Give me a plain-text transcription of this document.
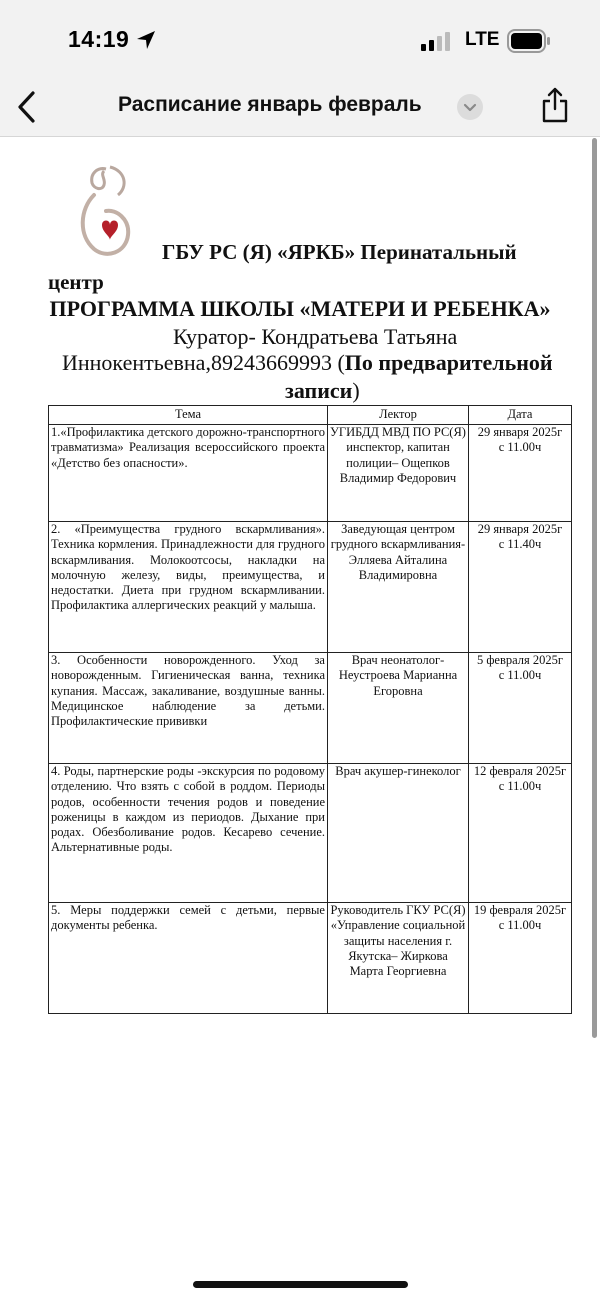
14:19	LTE
Расписание январь февраль
ГБУ РС (Я) «ЯРКБ» Перинатальный
центр
ПРОГРАММА ШКОЛЫ «МАТЕРИ И РЕБЕНКА»
Куратор- Кондратьева Татьяна
Иннокентьевна,89243669993 (По предварительной
записи)
Тема	Лектор	Дата
1.«Профилактика детского дорожно-транспортного травматизма» Реализация всероссийского проекта «Детство без опасности».	УГИБДД МВД ПО РС(Я) инспектор, капитан полиции– Ощепков Владимир Федорович	29 января 2025г
с 11.00ч

2. «Преимущества грудного вскармливания». Техника кормления. Принадлежности для грудного вскармливания. Молокоотсосы, накладки на молочную железу, виды, преимущества, и недостатки. Диета при грудном вскармливании. Профилактика аллергических реакций у малыша.	Заведующая центром грудного вскармливания- Элляева Айталина Владимировна	29 января 2025г
с 11.40ч

3. Особенности новорожденного. Уход за новорожденным. Гигиеническая ванна, техника купания. Массаж, закаливание, воздушные ванны. Медицинское наблюдение за детьми. Профилактические прививки	Врач неонатолог- Неустроева Марианна Егоровна	5 февраля 2025г
с 11.00ч

4. Роды, партнерские роды -экскурсия по родовому отделению. Что взять с собой в роддом. Периоды родов, особенности течения родов и поведение роженицы в каждом из периодов. Дыхание при родах. Обезболивание родов. Кесарево сечение. Альтернативные роды.	Врач акушер-гинеколог	12 февраля 2025г
с 11.00ч

5. Меры поддержки семей с детьми, первые документы ребенка.	Руководитель ГКУ РС(Я) «Управление социальной защиты населения г. Якутска– Жиркова Марта Георгиевна	19 февраля 2025г
с 11.00ч
